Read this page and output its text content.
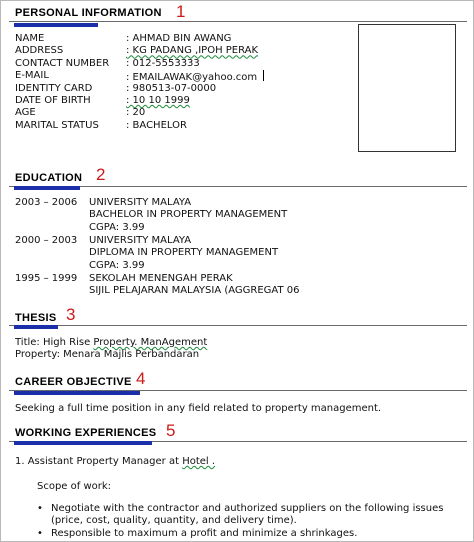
PERSONAL INFORMATION 1
NAME	: AHMAD BIN AWANG
ADDRESS	: KG PADANG ,IPOH PERAK
CONTACT NUMBER : 012-5553333
E-MAIL	: EMAILAWAK@yahoo.com
IDENTITY CARD	: 980513-07-0000
DATE OF BIRTH	: 10 10 1999
AGE	: 20
MARITAL STATUS	: BACHELOR
EDUCATION 2
2003 – 2006 UNIVERSITY MALAYA
BACHELOR IN PROPERTY MANAGEMENT
CGPA: 3.99
2000 – 2003 UNIVERSITY MALAYA
DIPLOMA IN PROPERTY MANAGEMENT
CGPA: 3.99
1995 – 1999 SEKOLAH MENENGAH PERAK
SIJIL PELAJARAN MALAYSIA (AGGREGAT 06
THESIS 3
Title: High Rise Property. ManAgement
Property: Menara Majlis Perbandaran
CAREER OBJECTIVE 4
Seeking a full time position in any field related to property management.
WORKING EXPERIENCES 5
1. Assistant Property Manager at Hotel .
Scope of work:
• Negotiate with the contractor and authorized suppliers on the following issues
(price, cost, quality, quantity, and delivery time).
• Responsible to maximum a profit and minimize a shrinkages.
